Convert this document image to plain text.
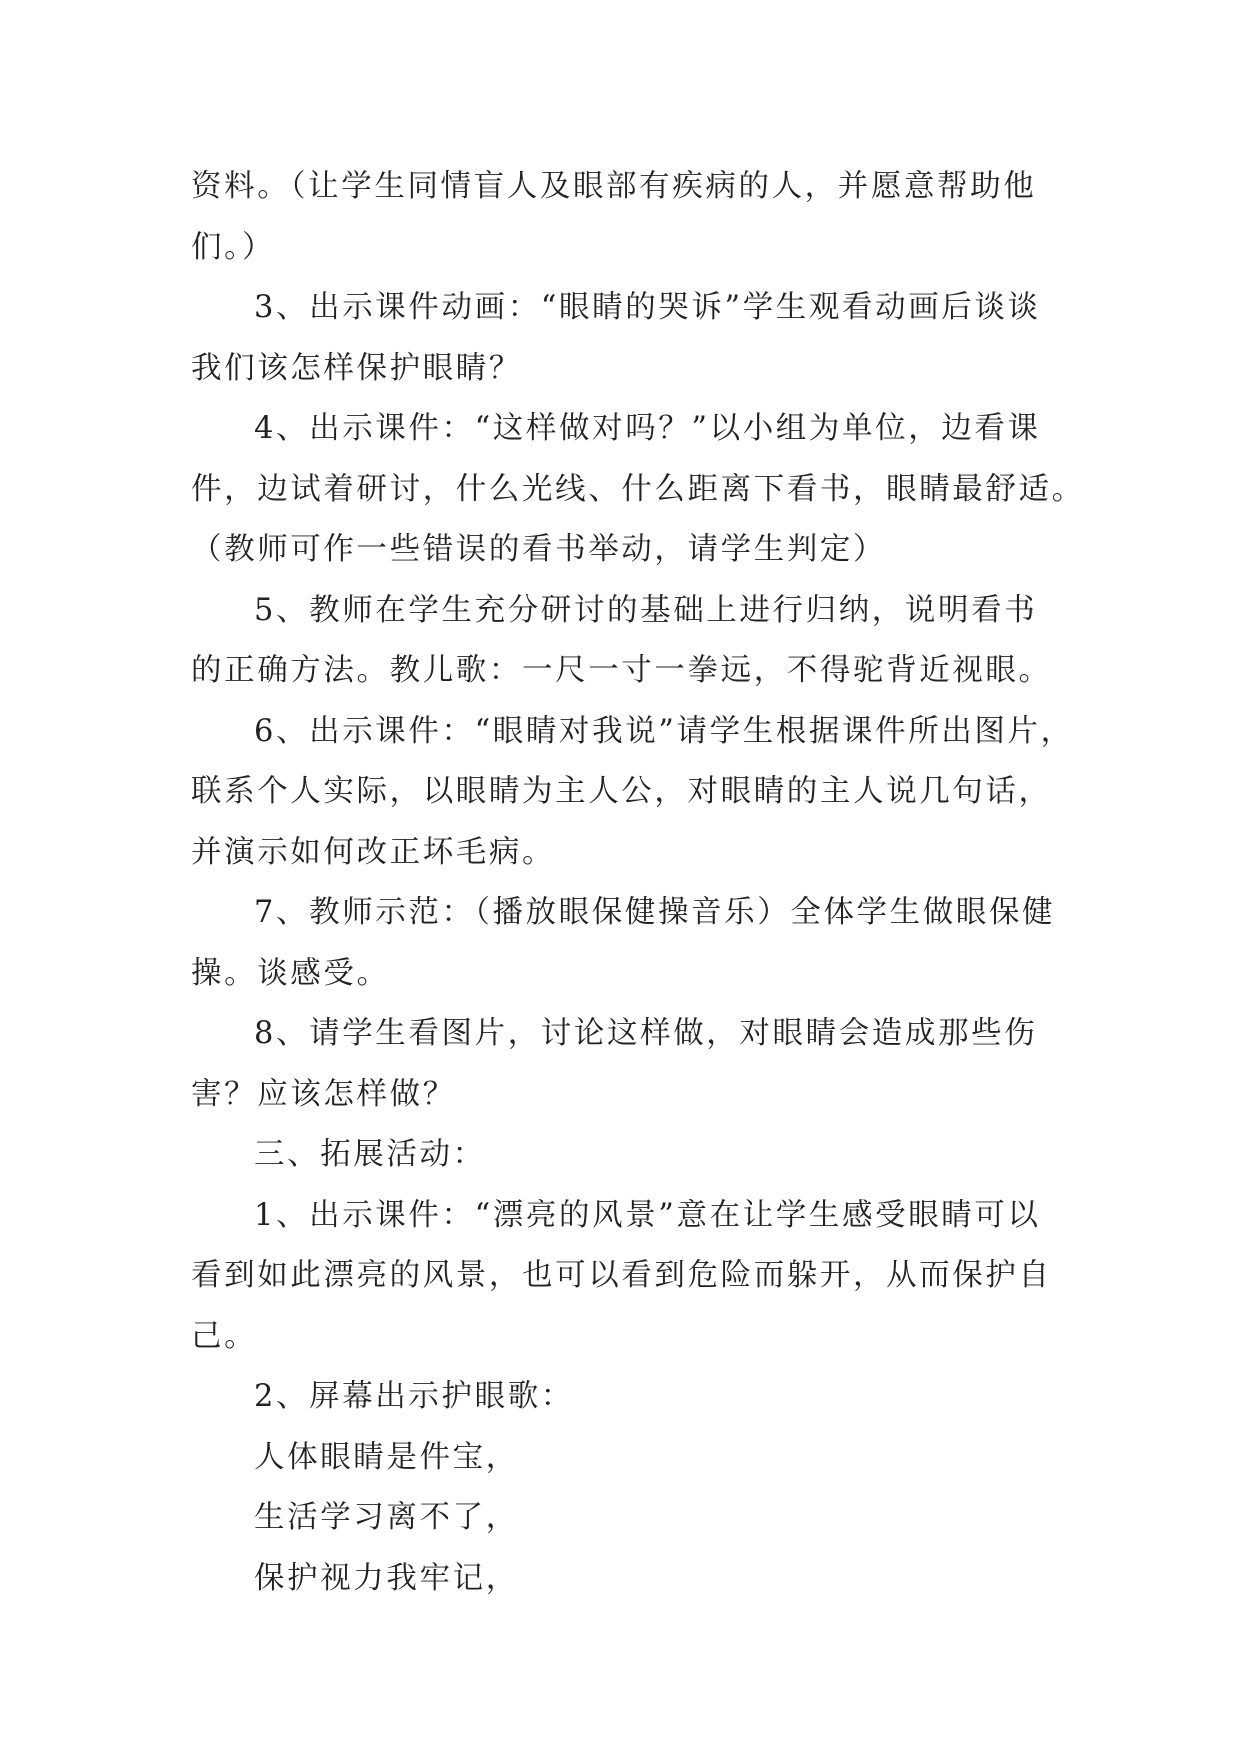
资料。（让学生同情盲人及眼部有疾病的人，并愿意帮助他

们。）

3、出示课件动画：“眼睛的哭诉”学生观看动画后谈谈

我们该怎样保护眼睛？

4、出示课件：“这样做对吗？”以小组为单位，边看课

件，边试着研讨，什么光线、什么距离下看书，眼睛最舒适。

（教师可作一些错误的看书举动，请学生判定）

5、教师在学生充分研讨的基础上进行归纳，说明看书

的正确方法。教儿歌：一尺一寸一拳远，不得驼背近视眼。

6、出示课件：“眼睛对我说”请学生根据课件所出图片，

联系个人实际，以眼睛为主人公，对眼睛的主人说几句话，

并演示如何改正坏毛病。

7、教师示范：（播放眼保健操音乐）全体学生做眼保健

操。谈感受。

8、请学生看图片，讨论这样做，对眼睛会造成那些伤

害？应该怎样做？

三、拓展活动：

1、出示课件：“漂亮的风景”意在让学生感受眼睛可以

看到如此漂亮的风景，也可以看到危险而躲开，从而保护自

己。

2、屏幕出示护眼歌：

人体眼睛是件宝，

生活学习离不了，

保护视力我牢记，
